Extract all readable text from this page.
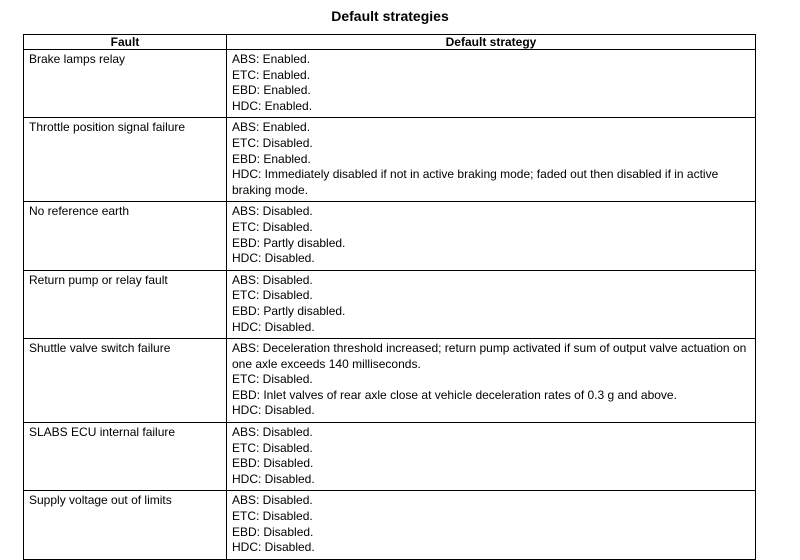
Default strategies
Fault	Default strategy
Brake lamps relay	ABS: Enabled.
ETC: Enabled.
EBD: Enabled.
HDC: Enabled.

Throttle position signal failure	ABS: Enabled.
ETC: Disabled.
EBD: Enabled.
HDC: Immediately disabled if not in active braking mode; faded out then disabled if in active braking mode.

No reference earth	ABS: Disabled.
ETC: Disabled.
EBD: Partly disabled.
HDC: Disabled.

Return pump or relay fault	ABS: Disabled.
ETC: Disabled.
EBD: Partly disabled.
HDC: Disabled.

Shuttle valve switch failure	ABS: Deceleration threshold increased; return pump activated if sum of output valve actuation on one axle exceeds 140 milliseconds.
ETC: Disabled.
EBD: Inlet valves of rear axle close at vehicle deceleration rates of 0.3 g and above.
HDC: Disabled.

SLABS ECU internal failure	ABS: Disabled.
ETC: Disabled.
EBD: Disabled.
HDC: Disabled.

Supply voltage out of limits	ABS: Disabled.
ETC: Disabled.
EBD: Disabled.
HDC: Disabled.
